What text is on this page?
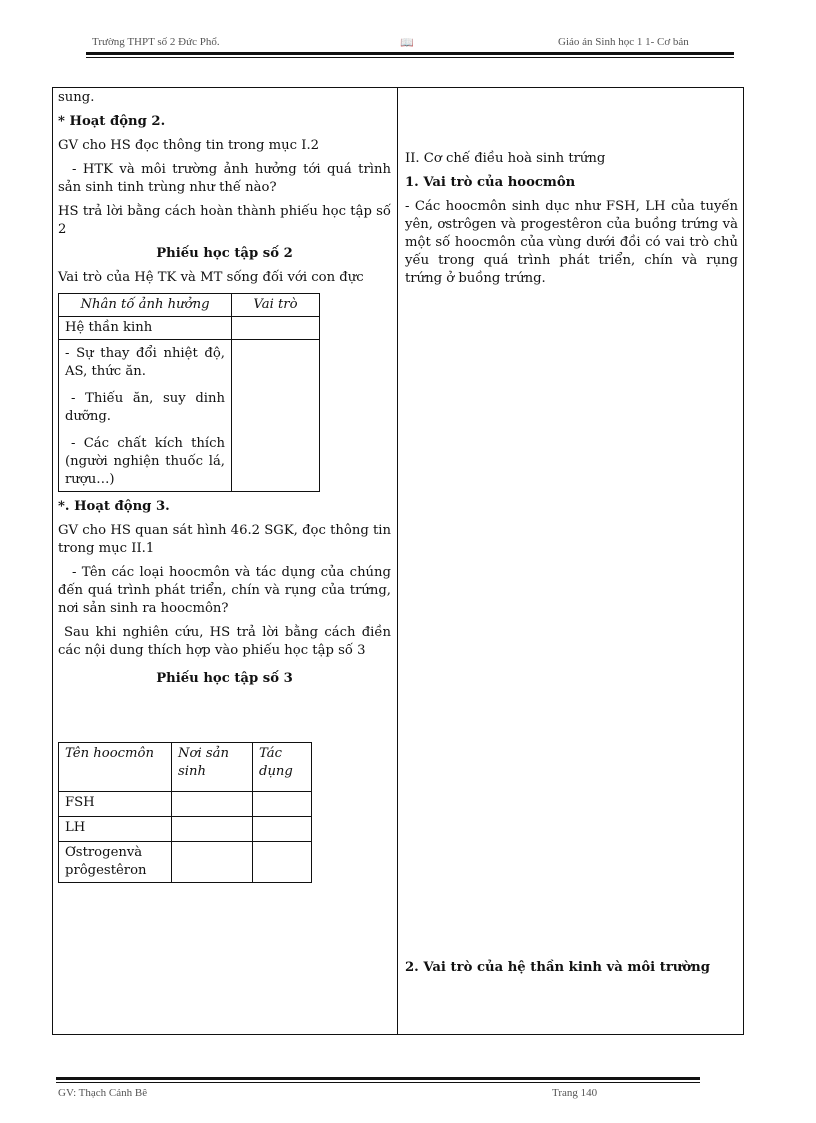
Trường THPT số 2 Đức Phổ.	📖	Giáo án Sinh học 1 1- Cơ bản

sung.

* Hoạt động 2.

GV cho HS đọc thông tin trong mục I.2

- HTK và môi trường ảnh hưởng tới quá trình sản sinh tinh trùng như thế nào?

HS trả lời bằng cách hoàn thành phiếu học tập số 2

Phiếu học tập số 2

Vai trò của Hệ TK và MT sống đối với con đực

Nhân tố ảnh hưởng	Vai trò
Hệ thần kinh	

- Sự thay đổi nhiệt độ, AS, thức ăn.
- Thiếu ăn, suy dinh dưỡng.
- Các chất kích thích (người nghiện thuốc lá, rượu…)	

*. Hoạt động 3.

GV cho HS quan sát hình 46.2 SGK, đọc thông tin trong mục II.1

- Tên các loại hoocmôn và tác dụng của chúng đến quá trình phát triển, chín và rụng của trứng, nơi sản sinh ra hoocmôn?

Sau khi nghiên cứu, HS trả lời bằng cách điền các nội dung thích hợp vào phiếu học tập số 3

Phiếu học tập số 3

Tên hoocmôn	Nơi sản sinh	Tác dụng
FSH		
LH		
Ơstrogenvà prôgestêron		

II. Cơ chế điều hoà sinh trứng

1. Vai trò của hoocmôn

- Các hoocmôn sinh dục như FSH, LH của tuyến yên, ơstrôgen và progestêron của buồng trứng và một số hoocmôn của vùng dưới đồi có vai trò chủ yếu trong quá trình phát triển, chín và rụng trứng ở buồng trứng.

2. Vai trò của hệ thần kinh và môi trường

GV: Thạch Cảnh Bê	Trang 140
